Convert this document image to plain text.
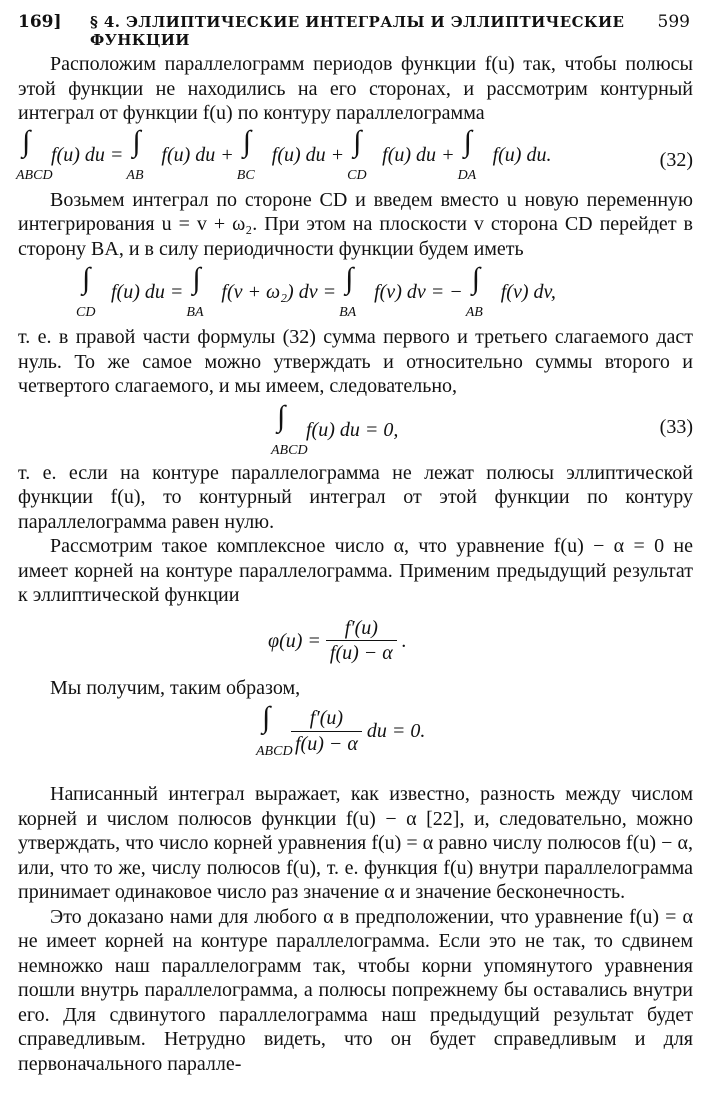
169] § 4. ЭЛЛИПТИЧЕСКИЕ ИНТЕГРАЛЫ И ЭЛЛИПТИЧЕСКИЕ ФУНКЦИИ
599

Расположим параллелограмм периодов функции f(u) так, чтобы полюсы этой функции не находились на его сторонах, и рассмотрим контурный интеграл от функции f(u) по контуру параллелограмма

∫
ABCD
f(u) du = ∫
AB
f(u) du + ∫
BC
f(u) du + ∫
CD
f(u) du + ∫
DA
f(u) du.	(32)

Возьмем интеграл по стороне CD и введем вместо u новую переменную интегрирования u = v + ω₂. При этом на плоскости v сторона CD перейдет в сторону BA, и в силу периодичности функции будем иметь

∫
CD
f(u) du = ∫
BA
f(v + ω₂) dv = ∫
BA
f(v) dv = − ∫
AB
f(v) dv,

т. е. в правой части формулы (32) сумма первого и третьего слагаемого даст нуль. То же самое можно утверждать и относительно суммы второго и четвертого слагаемого, и мы имеем, следовательно,

∫
ABCD
f(u) du = 0,	(33)

т. е. если на контуре параллелограмма не лежат полюсы эллиптической функции f(u), то контурный интеграл от этой функции по контуру параллелограмма равен нулю.

Рассмотрим такое комплексное число α, что уравнение f(u) − α = 0 не имеет корней на контуре параллелограмма. Применим предыдущий результат к эллиптической функции

$\varphi(u) = \frac{f'(u)}{f(u) - \alpha}$ .

Мы получим, таким образом,

∫
ABCD

$\frac{f'(u)}{f(u) - \alpha}$ du = 0.

Написанный интеграл выражает, как известно, разность между числом корней и числом полюсов функции f(u) − α [22], и, следовательно, можно утверждать, что число корней уравнения f(u) = α равно числу полюсов f(u) − α, или, что то же, числу полюсов f(u), т. е. функция f(u) внутри параллелограмма принимает одинаковое число раз значение α и значение бесконечность.

Это доказано нами для любого α в предположении, что уравнение f(u) = α не имеет корней на контуре параллелограмма. Если это не так, то сдвинем немножко наш параллелограмм так, чтобы корни упомянутого уравнения пошли внутрь параллелограмма, а полюсы попрежнему бы оставались внутри его. Для сдвинутого параллелограмма наш предыдущий результат будет справедливым. Нетрудно видеть, что он будет справедливым и для первоначального паралле-
